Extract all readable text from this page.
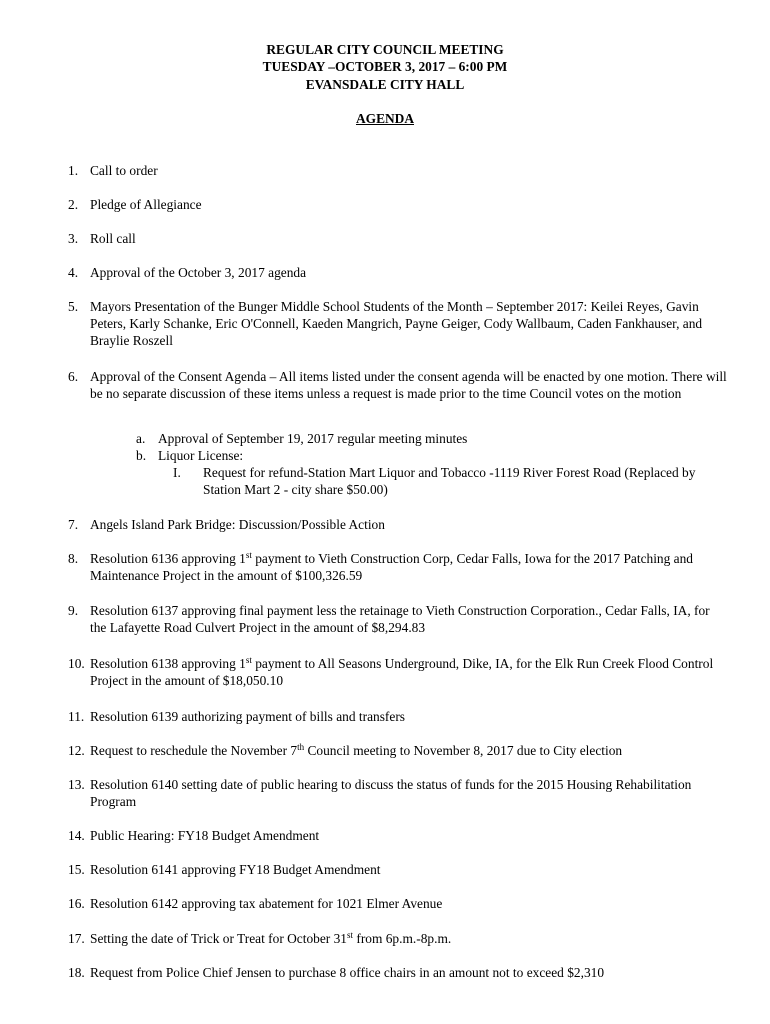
REGULAR CITY COUNCIL MEETING
TUESDAY –OCTOBER 3, 2017 – 6:00 PM
EVANSDALE CITY HALL
AGENDA
1. Call to order
2. Pledge of Allegiance
3. Roll call
4. Approval of the October 3, 2017 agenda
5. Mayors Presentation of the Bunger Middle School Students of the Month – September 2017: Keilei Reyes, Gavin Peters, Karly Schanke, Eric O'Connell, Kaeden Mangrich, Payne Geiger, Cody Wallbaum, Caden Fankhauser, and Braylie Roszell
6. Approval of the Consent Agenda – All items listed under the consent agenda will be enacted by one motion. There will be no separate discussion of these items unless a request is made prior to the time Council votes on the motion
a. Approval of September 19, 2017 regular meeting minutes
b. Liquor License:
I. Request for refund-Station Mart Liquor and Tobacco -1119 River Forest Road (Replaced by Station Mart 2 - city share $50.00)
7. Angels Island Park Bridge: Discussion/Possible Action
8. Resolution 6136 approving 1st payment to Vieth Construction Corp, Cedar Falls, Iowa for the 2017 Patching and Maintenance Project in the amount of $100,326.59
9. Resolution 6137 approving final payment less the retainage to Vieth Construction Corporation., Cedar Falls, IA, for the Lafayette Road Culvert Project in the amount of $8,294.83
10. Resolution 6138 approving 1st payment to All Seasons Underground, Dike, IA, for the Elk Run Creek Flood Control Project in the amount of $18,050.10
11. Resolution 6139 authorizing payment of bills and transfers
12. Request to reschedule the November 7th Council meeting to November 8, 2017 due to City election
13. Resolution 6140 setting date of public hearing to discuss the status of funds for the 2015 Housing Rehabilitation Program
14. Public Hearing: FY18 Budget Amendment
15. Resolution 6141 approving FY18 Budget Amendment
16. Resolution 6142 approving tax abatement for 1021 Elmer Avenue
17. Setting the date of Trick or Treat for October 31st from 6p.m.-8p.m.
18. Request from Police Chief Jensen to purchase 8 office chairs in an amount not to exceed $2,310
